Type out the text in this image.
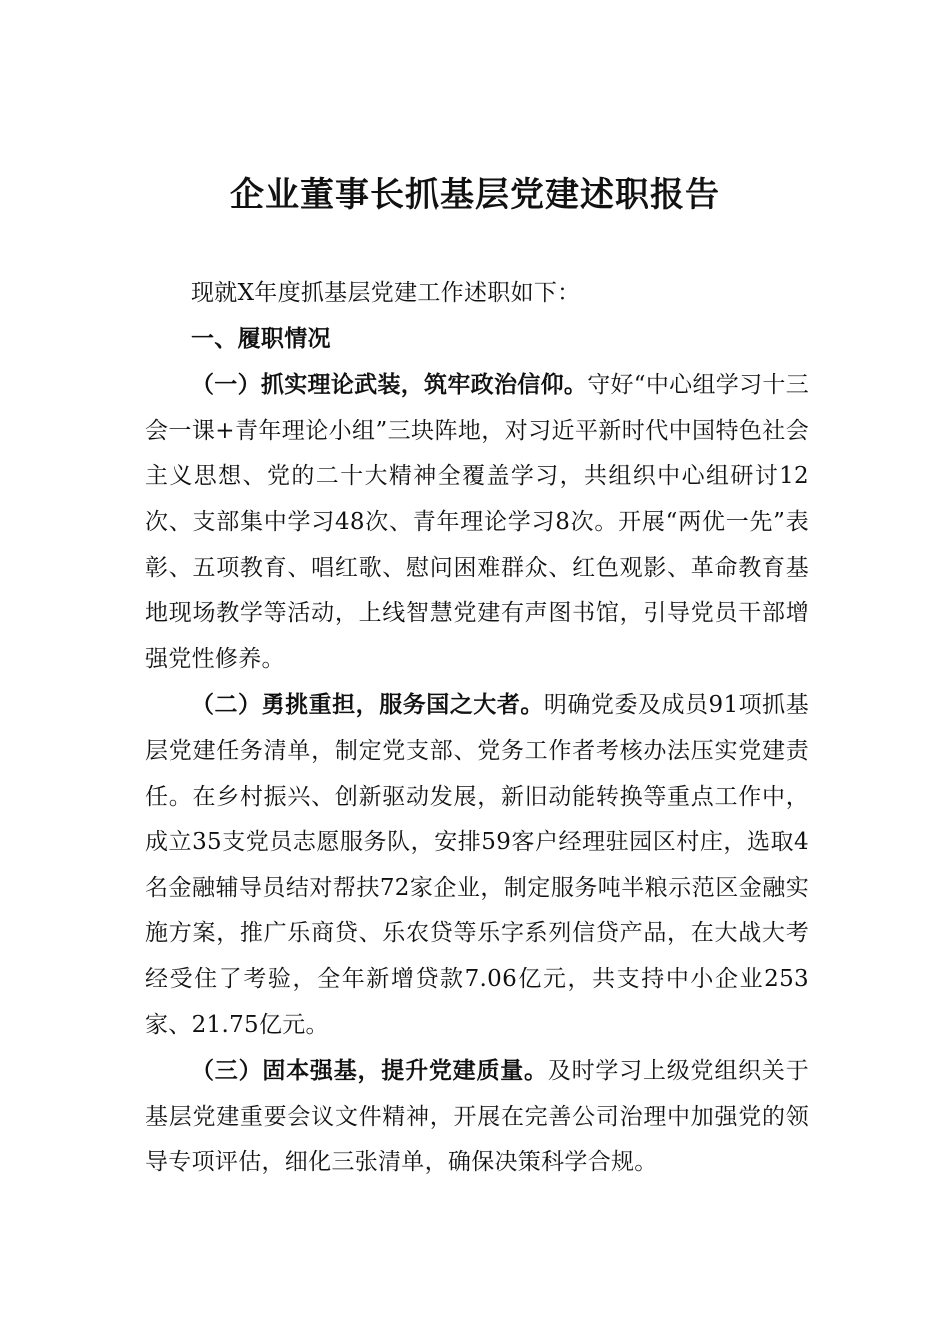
企业董事长抓基层党建述职报告

现就X年度抓基层党建工作述职如下：

一、履职情况

（一）抓实理论武装，筑牢政治信仰。守好“中心组学习十三会一课+青年理论小组”三块阵地，对习近平新时代中国特色社会主义思想、党的二十大精神全覆盖学习，共组织中心组研讨12次、支部集中学习48次、青年理论学习8次。开展“两优一先”表彰、五项教育、唱红歌、慰问困难群众、红色观影、革命教育基地现场教学等活动，上线智慧党建有声图书馆，引导党员干部增强党性修养。

（二）勇挑重担，服务国之大者。明确党委及成员91项抓基层党建任务清单，制定党支部、党务工作者考核办法压实党建责任。在乡村振兴、创新驱动发展，新旧动能转换等重点工作中，成立35支党员志愿服务队，安排59客户经理驻园区村庄，选取4名金融辅导员结对帮扶72家企业，制定服务吨半粮示范区金融实施方案，推广乐商贷、乐农贷等乐字系列信贷产品，在大战大考经受住了考验，全年新增贷款7.06亿元，共支持中小企业253家、21.75亿元。

（三）固本强基，提升党建质量。及时学习上级党组织关于基层党建重要会议文件精神，开展在完善公司治理中加强党的领导专项评估，细化三张清单，确保决策科学合规。
